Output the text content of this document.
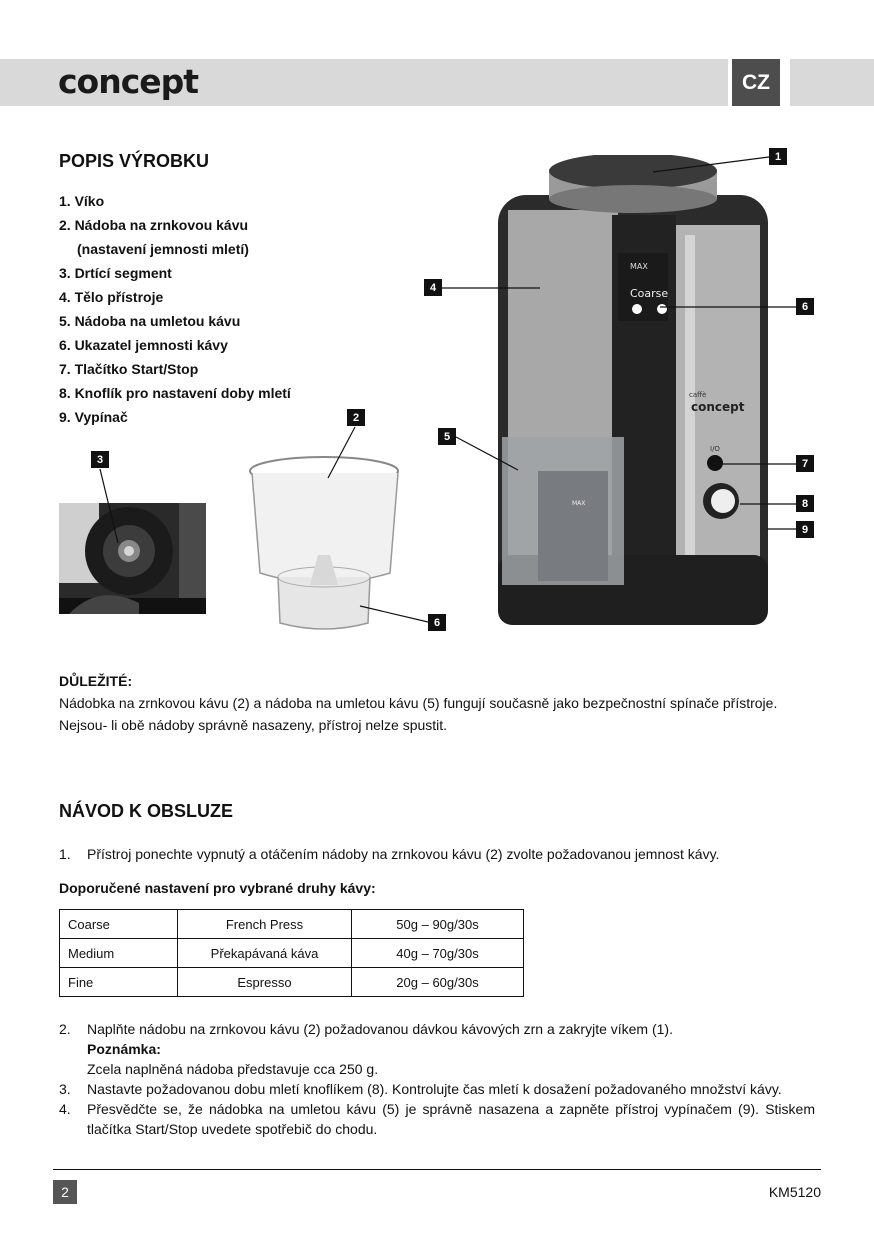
concept	CZ
POPIS VÝROBKU
1. Víko
2. Nádoba na zrnkovou kávu
(nastavení jemnosti mletí)
3. Drtící segment
4. Tělo přístroje
5. Nádoba na umletou kávu
6. Ukazatel jemnosti kávy
7. Tlačítko Start/Stop
8. Knoflík pro nastavení doby mletí
9. Vypínač
MAX
Coarse
caffè
concept
I/O
MAX
1
2
3
4
5
6
6
7
8
9
DŮLEŽITÉ:
Nádobka na zrnkovou kávu (2) a nádoba na umletou kávu (5) fungují současně jako bezpečnostní spínače přístroje.
Nejsou- li obě nádoby správně nasazeny, přístroj nelze spustit.
NÁVOD K OBSLUZE
1.	Přístroj ponechte vypnutý a otáčením nádoby na zrnkovou kávu (2) zvolte požadovanou jemnost kávy.
Doporučené nastavení pro vybrané druhy kávy:
Coarse	French Press	50g – 90g/30s
Medium	Překapávaná káva	40g – 70g/30s
Fine	Espresso	20g – 60g/30s
2.	Naplňte nádobu na zrnkovou kávu (2) požadovanou dávkou kávových zrn a zakryjte víkem (1).
Poznámka:
Zcela naplněná nádoba představuje cca 250 g.
3.	Nastavte požadovanou dobu mletí knoflíkem (8). Kontrolujte čas mletí k dosažení požadovaného množství kávy.
4.	Přesvědčte se, že nádobka na umletou kávu (5) je správně nasazena a zapněte přístroj vypínačem (9). Stiskem tlačítka Start/Stop uvedete spotřebič do chodu.
2	KM5120
